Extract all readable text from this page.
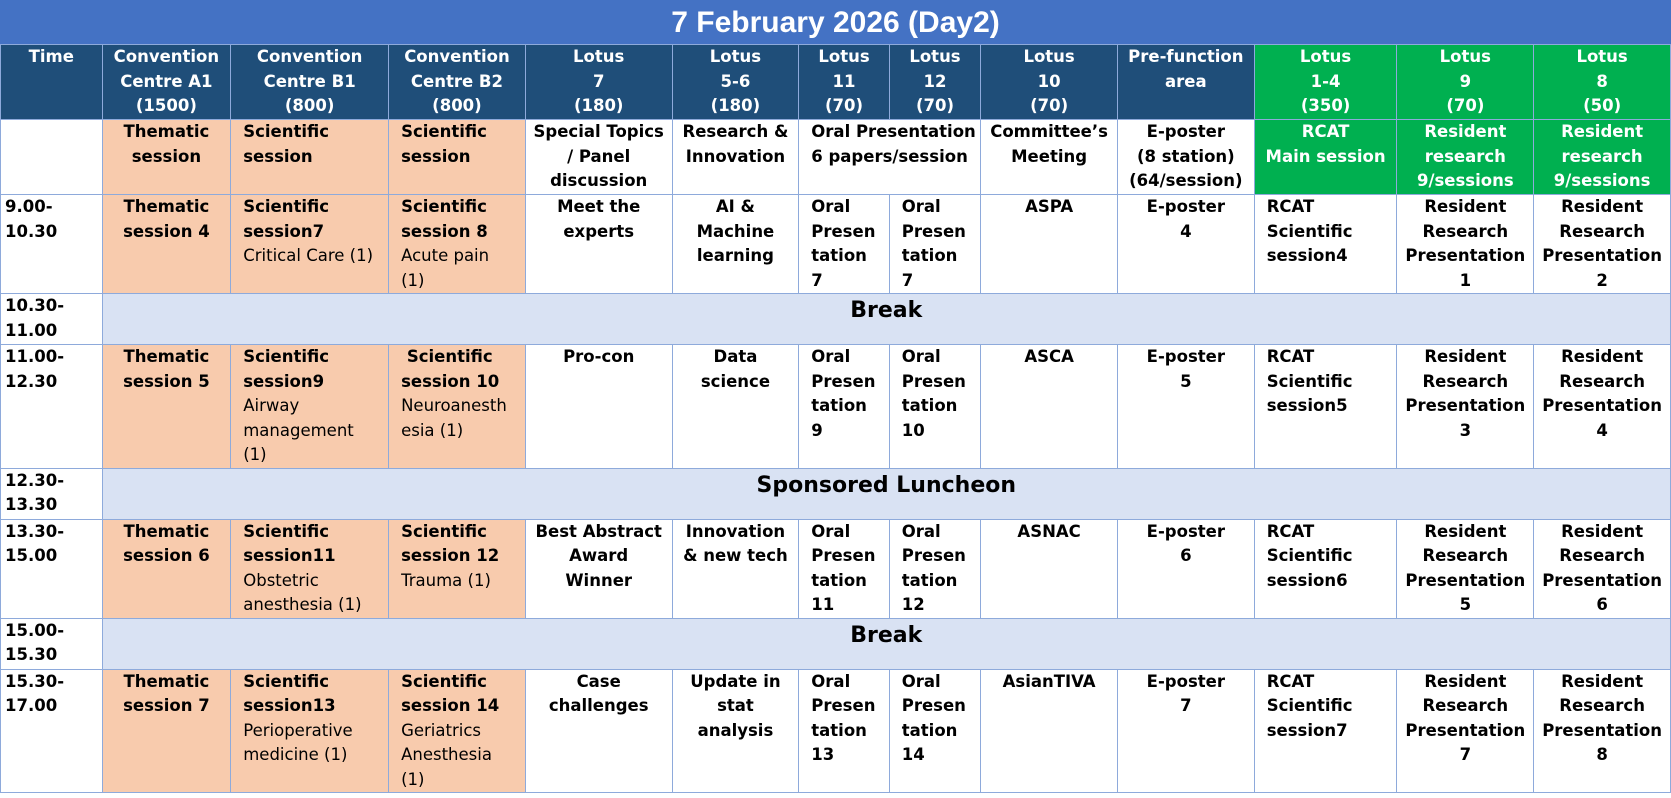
7 February 2026 (Day2)
Time	Convention
Centre A1
(1500)	Convention
Centre B1
(800)	Convention
Centre B2
(800)	Lotus
7
(180)	Lotus
5-6
(180)	Lotus
11
(70)	Lotus
12
(70)	Lotus
10
(70)	Pre-function
area	Lotus
1-4
(350)	Lotus
9
(70)	Lotus
8
(50)

	Thematic
session	Scientific
session	Scientific
session	Special Topics
/ Panel
discussion	Research &
Innovation	Oral Presentation
6 papers/session		Committee’s
Meeting	E-poster
(8 station)
(64/session)	RCAT
Main session	Resident
research
9/sessions	Resident
research
9/sessions

9.00-
10.30	Thematic
session 4	Scientific
session7
Critical Care (1)	Scientific
session 8
Acute pain
(1)	Meet the
experts	AI &
Machine
learning	Oral
Presen
tation
7	Oral
Presen
tation
7	ASPA	E-poster
4	RCAT
Scientific
session4	Resident
Research
Presentation
1	Resident
Research
Presentation
2

10.30-
11.00	Break											

11.00-
12.30	Thematic
session 5	Scientific
session9
Airway
management
(1)	Scientific
session 10
Neuroanesth
esia (1)	Pro-con	Data
science	Oral
Presen
tation
9	Oral
Presen
tation
10	ASCA	E-poster
5	RCAT
Scientific
session5	Resident
Research
Presentation
3	Resident
Research
Presentation
4

12.30-
13.30	Sponsored Luncheon											

13.30-
15.00	Thematic
session 6	Scientific
session11
Obstetric
anesthesia (1)	Scientific
session 12
Trauma (1)	Best Abstract
Award
Winner	Innovation
& new tech	Oral
Presen
tation
11	Oral
Presen
tation
12	ASNAC	E-poster
6	RCAT
Scientific
session6	Resident
Research
Presentation
5	Resident
Research
Presentation
6

15.00-
15.30	Break											

15.30-
17.00	Thematic
session 7	Scientific
session13
Perioperative
medicine (1)	Scientific
session 14
Geriatrics
Anesthesia
(1)	Case
challenges	Update in
stat
analysis	Oral
Presen
tation
13	Oral
Presen
tation
14	AsianTIVA	E-poster
7	RCAT
Scientific
session7	Resident
Research
Presentation
7	Resident
Research
Presentation
8
